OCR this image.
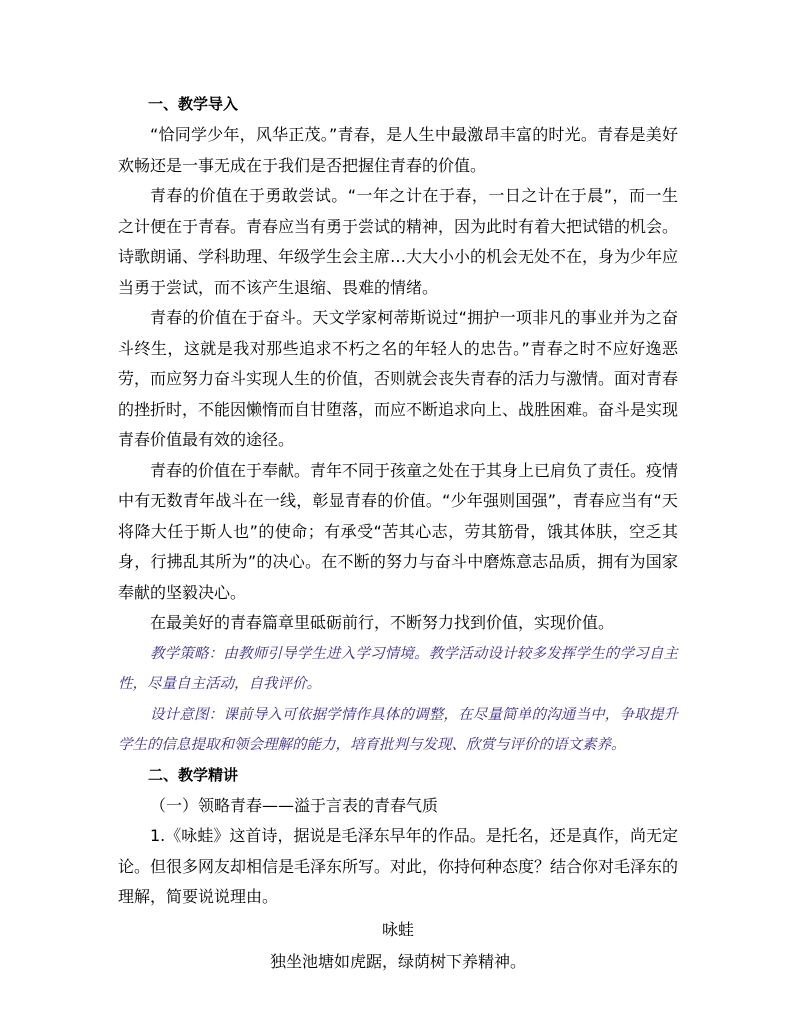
一、教学导入

“恰同学少年，风华正茂。”青春，是人生中最激昂丰富的时光。青春是美好欢畅还是一事无成在于我们是否把握住青春的价值。

青春的价值在于勇敢尝试。“一年之计在于春，一日之计在于晨”，而一生之计便在于青春。青春应当有勇于尝试的精神，因为此时有着大把试错的机会。诗歌朗诵、学科助理、年级学生会主席…大大小小的机会无处不在，身为少年应当勇于尝试，而不该产生退缩、畏难的情绪。

青春的价值在于奋斗。天文学家柯蒂斯说过“拥护一项非凡的事业并为之奋斗终生，这就是我对那些追求不朽之名的年轻人的忠告。”青春之时不应好逸恶劳，而应努力奋斗实现人生的价值，否则就会丧失青春的活力与激情。面对青春的挫折时，不能因懒惰而自甘堕落，而应不断追求向上、战胜困难。奋斗是实现青春价值最有效的途径。

青春的价值在于奉献。青年不同于孩童之处在于其身上已肩负了责任。疫情中有无数青年战斗在一线，彰显青春的价值。“少年强则国强”，青春应当有“天将降大任于斯人也”的使命；有承受“苦其心志，劳其筋骨，饿其体肤，空乏其身，行拂乱其所为”的决心。在不断的努力与奋斗中磨炼意志品质，拥有为国家奉献的坚毅决心。

在最美好的青春篇章里砥砺前行，不断努力找到价值，实现价值。

教学策略：由教师引导学生进入学习情境。教学活动设计较多发挥学生的学习自主性，尽量自主活动，自我评价。

设计意图：课前导入可依据学情作具体的调整，在尽量简单的沟通当中，争取提升学生的信息提取和领会理解的能力，培育批判与发现、欣赏与评价的语文素养。

二、教学精讲

（一）领略青春——溢于言表的青春气质

1.《咏蛙》这首诗，据说是毛泽东早年的作品。是托名，还是真作，尚无定论。但很多网友却相信是毛泽东所写。对此，你持何种态度？结合你对毛泽东的理解，简要说说理由。

咏蛙
独坐池塘如虎踞，绿荫树下养精神。
